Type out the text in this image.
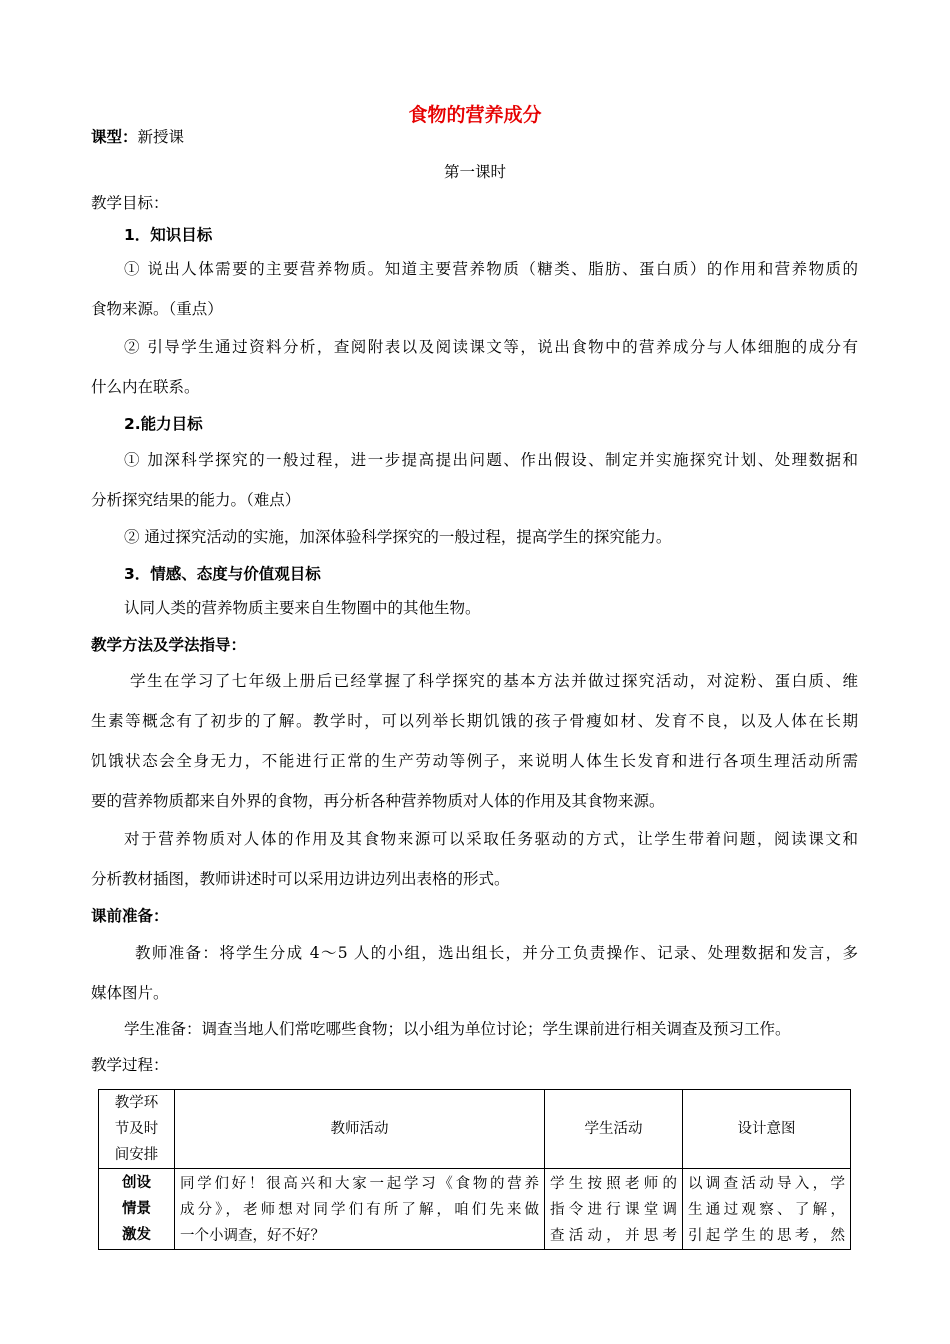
食物的营养成分
课型：新授课
第一课时
教学目标：
1．知识目标
① 说出人体需要的主要营养物质。知道主要营养物质（糖类、脂肪、蛋白质）的作用和营养物质的
食物来源。（重点）
② 引导学生通过资料分析，查阅附表以及阅读课文等，说出食物中的营养成分与人体细胞的成分有
什么内在联系。
2.能力目标
① 加深科学探究的一般过程，进一步提高提出问题、作出假设、制定并实施探究计划、处理数据和
分析探究结果的能力。（难点）
② 通过探究活动的实施，加深体验科学探究的一般过程，提高学生的探究能力。
3．情感、态度与价值观目标
认同人类的营养物质主要来自生物圈中的其他生物。
教学方法及学法指导：
学生在学习了七年级上册后已经掌握了科学探究的基本方法并做过探究活动，对淀粉、蛋白质、维
生素等概念有了初步的了解。教学时，可以列举长期饥饿的孩子骨瘦如材、发育不良，以及人体在长期
饥饿状态会全身无力，不能进行正常的生产劳动等例子，来说明人体生长发育和进行各项生理活动所需
要的营养物质都来自外界的食物，再分析各种营养物质对人体的作用及其食物来源。
对于营养物质对人体的作用及其食物来源可以采取任务驱动的方式，让学生带着问题，阅读课文和
分析教材插图，教师讲述时可以采用边讲边列出表格的形式。
课前准备：
教师准备：将学生分成 4～5 人的小组，选出组长，并分工负责操作、记录、处理数据和发言，多
媒体图片。
学生准备：调查当地人们常吃哪些食物；以小组为单位讨论；学生课前进行相关调查及预习工作。
教学过程：
教学环
节及时
间安排	教师活动	学生活动	设计意图

创设
情景
激发	同学们好！很高兴和大家一起学习《食物的营养
成分》，老师想对同学们有所了解，咱们先来做
一个小调查，好不好？	学生按照老师的
指令进行课堂调
查活动，并思考	以调查活动导入，学
生通过观察、了解，
引起学生的思考，然
